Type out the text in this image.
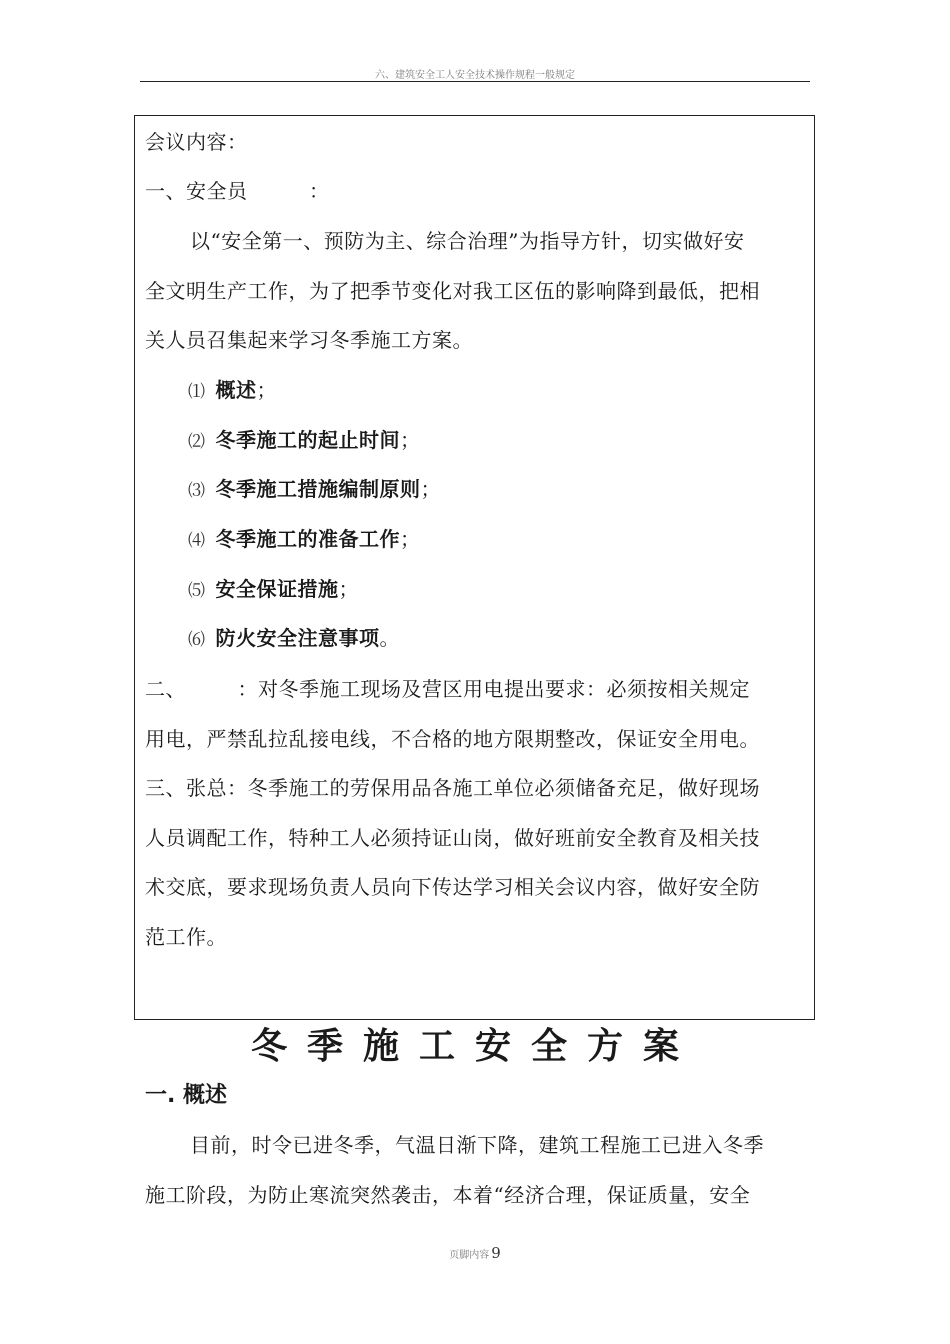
六、建筑安全工人安全技术操作规程一般规定
会议内容：
一、安全员　　　：
以“安全第一、预防为主、综合治理”为指导方针，切实做好安
全文明生产工作，为了把季节变化对我工区伍的影响降到最低，把相
关人员召集起来学习冬季施工方案。
⑴ 概述；
⑵ 冬季施工的起止时间；
⑶ 冬季施工措施编制原则；
⑷ 冬季施工的准备工作；
⑸ 安全保证措施；
⑹ 防火安全注意事项。
二、　　　：对冬季施工现场及营区用电提出要求：必须按相关规定
用电，严禁乱拉乱接电线，不合格的地方限期整改，保证安全用电。
三、张总：冬季施工的劳保用品各施工单位必须储备充足，做好现场
人员调配工作，特种工人必须持证山岗，做好班前安全教育及相关技
术交底，要求现场负责人员向下传达学习相关会议内容，做好安全防
范工作。
冬季施工安全方案
一. 概述
目前，时令已进冬季，气温日渐下降，建筑工程施工已进入冬季
施工阶段，为防止寒流突然袭击，本着“经济合理，保证质量，安全
页脚内容 9
